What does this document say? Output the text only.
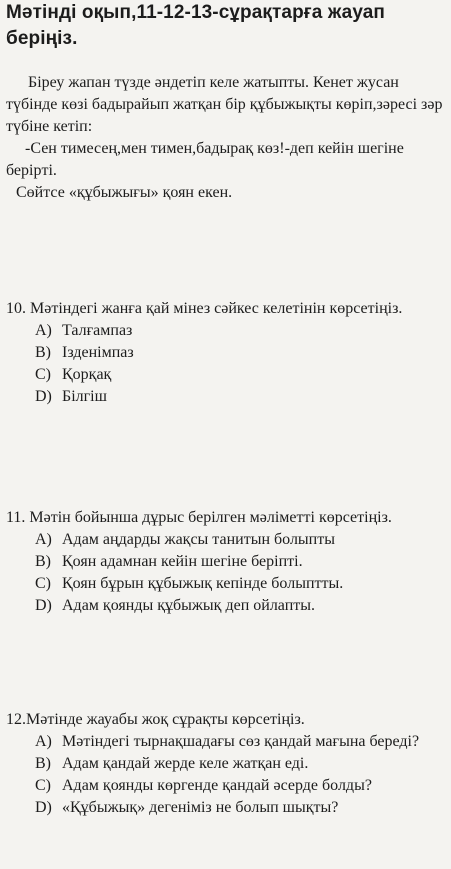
Мәтінді оқып,11-12-13-сұрақтарға жауап беріңіз.

Біреу жапан түзде әндетіп келе жатыпты. Кенет жусан түбінде көзі бадырайып жатқан бір құбыжықты көріп,зәресі зәр түбіне кетіп:

-Сен тимесең,мен тимен,бадырақ көз!-деп кейін шегіне берipті.

Сөйтсе «құбыжығы» қоян екен.

10. Мәтіндегі жанға қай мінез сәйкес келетінін көрсетіңіз.

A) Талғампаз
B) Ізденімпаз
C) Қорқақ
D) Білгіш

11. Мәтін бойынша дұрыс берілген мәліметті көрсетіңіз.

A) Адам аңдарды жақсы танитын болыпты
B) Қоян адамнан кейін шегіне берiпті.
C) Қоян бұрын құбыжық кепінде болыптты.
D) Адам қоянды құбыжық деп ойлапты.

12.Мәтінде жауабы жоқ сұрақты көрсетіңіз.

A) Мәтіндегі тырнақшадағы сөз қандай мағына береді?
B) Адам қандай жерде келе жатқан еді.
C) Адам қоянды көргенде қандай әсерде болды?
D) «Құбыжық» дегеніміз не болып шықты?
